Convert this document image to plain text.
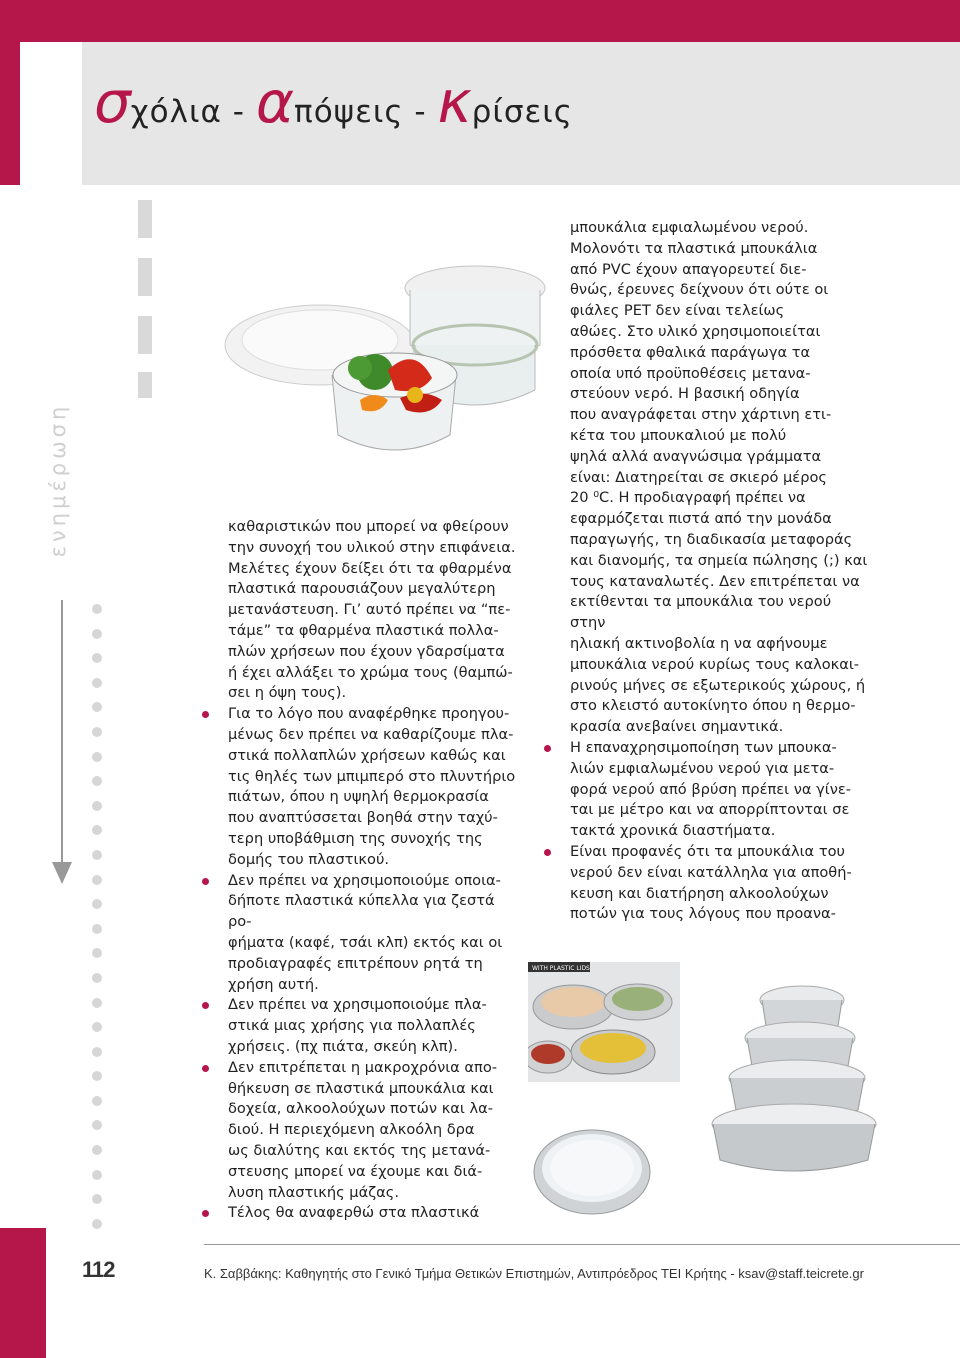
σχόλια - απόψεις - κρίσεις
ενημέρωση
WITH PLASTIC LIDS

καθαριστικών που μπορεί να φθείρουν

την συνοχή του υλικού στην επιφάνεια.

Μελέτες έχουν δείξει ότι τα φθαρμένα

πλαστικά παρουσιάζουν μεγαλύτερη

μετανάστευση. Γι’ αυτό πρέπει να “πε-

τάμε” τα φθαρμένα πλαστικά πολλα-

πλών χρήσεων που έχουν γδαρσίματα

ή έχει αλλάξει το χρώμα τους (θαμπώ-

σει η όψη τους).

Για το λόγο που αναφέρθηκε προηγου-

μένως δεν πρέπει να καθαρίζουμε πλα-

στικά πολλαπλών χρήσεων καθώς και

τις θηλές των μπιμπερό στο πλυντήριο

πιάτων, όπου η υψηλή θερμοκρασία

που αναπτύσσεται βοηθά στην ταχύ-

τερη υποβάθμιση της συνοχής της

δομής του πλαστικού.

Δεν πρέπει να χρησιμοποιούμε οποια-

δήποτε πλαστικά κύπελλα για ζεστά ρο-

φήματα (καφέ, τσάι κλπ) εκτός και οι

προδιαγραφές επιτρέπουν ρητά τη

χρήση αυτή.

Δεν πρέπει να χρησιμοποιούμε πλα-

στικά μιας χρήσης για πολλαπλές

χρήσεις. (πχ πιάτα, σκεύη κλπ).

Δεν επιτρέπεται η μακροχρόνια απο-

θήκευση σε πλαστικά μπουκάλια και

δοχεία, αλκοολούχων ποτών και λα-

διού. Η περιεχόμενη αλκοόλη δρα

ως διαλύτης και εκτός της μετανά-

στευσης μπορεί να έχουμε και διά-

λυση πλαστικής μάζας.

Τέλος θα αναφερθώ στα πλαστικά

μπουκάλια εμφιαλωμένου νερού.

Μολονότι τα πλαστικά μπουκάλια

από PVC έχουν απαγορευτεί διε-

θνώς, έρευνες δείχνουν ότι ούτε οι

φιάλες PET δεν είναι τελείως

αθώες. Στο υλικό χρησιμοποιείται

πρόσθετα φθαλικά παράγωγα τα

οποία υπό προϋποθέσεις μετανα-

στεύουν νερό. Η βασική οδηγία

που αναγράφεται στην χάρτινη ετι-

κέτα του μπουκαλιού με πολύ

ψηλά αλλά αναγνώσιμα γράμματα

είναι: Διατηρείται σε σκιερό μέρος

20 ⁰C. Η προδιαγραφή πρέπει να

εφαρμόζεται πιστά από την μονάδα

παραγωγής, τη διαδικασία μεταφοράς

και διανομής, τα σημεία πώλησης (;) και

τους καταναλωτές. Δεν επιτρέπεται να

εκτίθενται τα μπουκάλια του νερού στην

ηλιακή ακτινοβολία η να αφήνουμε

μπουκάλια νερού κυρίως τους καλοκαι-

ρινούς μήνες σε εξωτερικούς χώρους, ή

στο κλειστό αυτοκίνητο όπου η θερμο-

κρασία ανεβαίνει σημαντικά.

Η επαναχρησιμοποίηση των μπουκα-

λιών εμφιαλωμένου νερού για μετα-

φορά νερού από βρύση πρέπει να γίνε-

ται με μέτρο και να απορρίπτονται σε

τακτά χρονικά διαστήματα.

Είναι προφανές ότι τα μπουκάλια του

νερού δεν είναι κατάλληλα για αποθή-

κευση και διατήρηση αλκοολούχων

ποτών για τους λόγους που προανα-

112	Κ. Σαββάκης: Καθηγητής στο Γενικό Τμήμα Θετικών Επιστημών, Αντιπρόεδρος ΤΕΙ Κρήτης - ksav@staff.teicrete.gr
